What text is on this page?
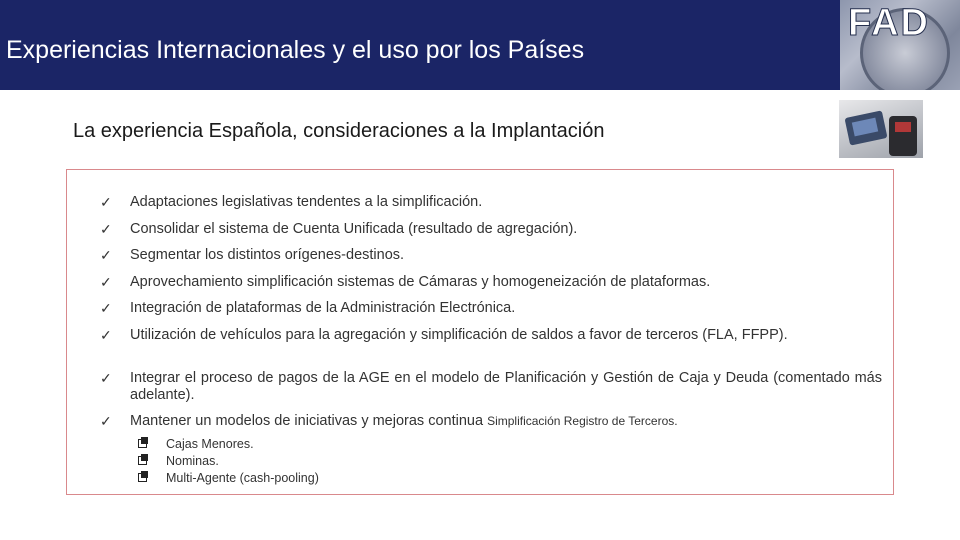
Experiencias Internacionales y el uso por los Países
FAD
La experiencia Española, consideraciones a la Implantación
✓ Adaptaciones legislativas tendentes a la simplificación.
✓ Consolidar el sistema de Cuenta Unificada (resultado de agregación).
✓ Segmentar los distintos orígenes-destinos.
✓ Aprovechamiento simplificación sistemas de Cámaras y homogeneización de plataformas.
✓ Integración de plataformas de la Administración Electrónica.
✓ Utilización de vehículos para la agregación y simplificación de saldos a favor de terceros (FLA, FFPP).
✓ Integrar el proceso de pagos de la AGE en el modelo de Planificación y Gestión de Caja y Deuda (comentado más adelante).
✓ Mantener un modelos de iniciativas y mejoras continua Simplificación Registro de Terceros.
Cajas Menores.
Nominas.
Multi-Agente (cash-pooling)
